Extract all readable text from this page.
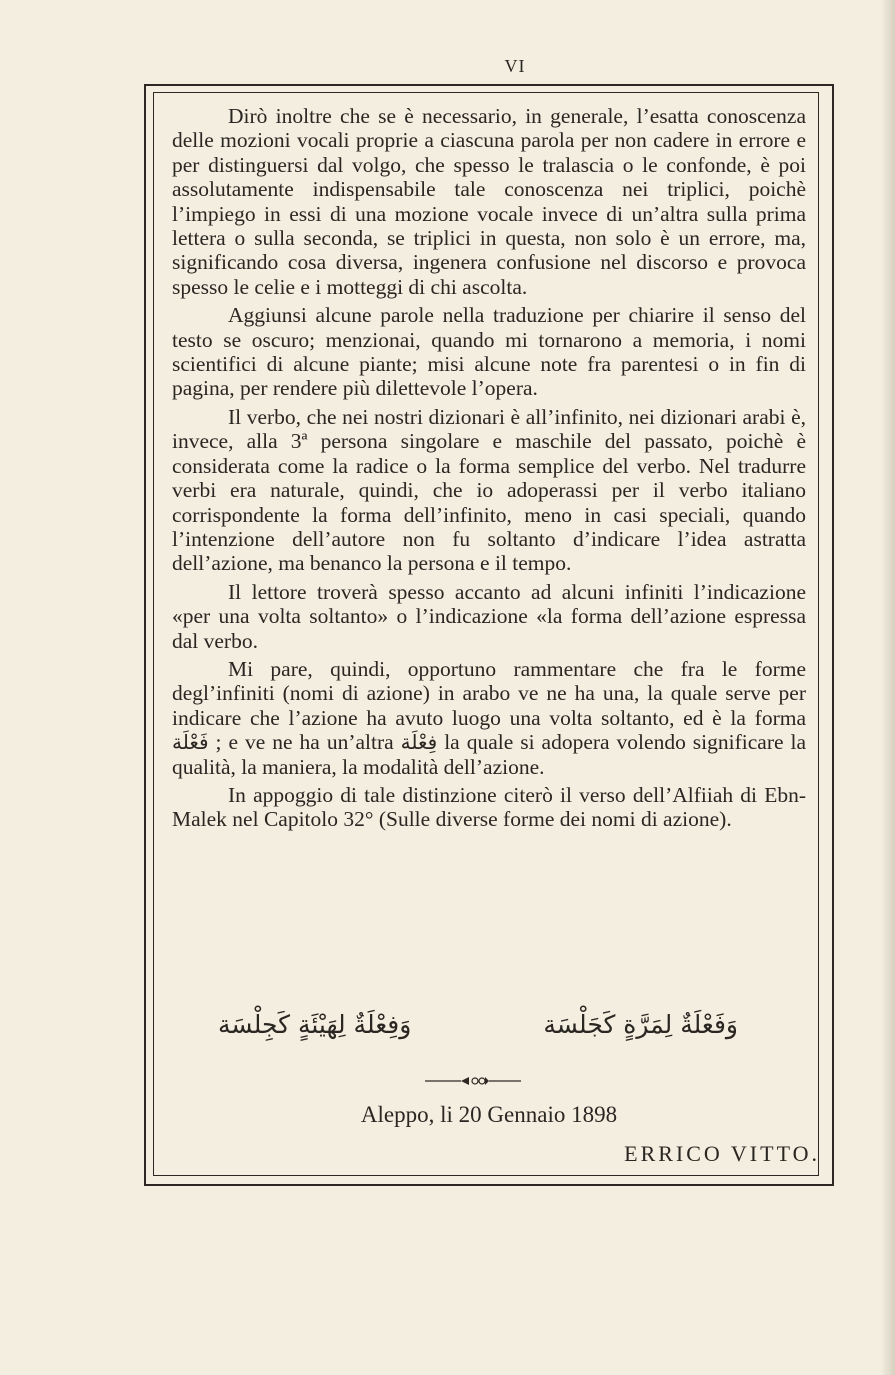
VI

Dirò inoltre che se è necessario, in generale, l’esatta conoscenza delle mozioni vocali proprie a ciascuna parola per non cadere in errore e per distinguersi dal volgo, che spesso le tralascia o le confonde, è poi assolutamente indispensabile tale conoscenza nei triplici, poichè l’impiego in essi di una mozione vocale invece di un’altra sulla prima lettera o sulla seconda, se triplici in questa, non solo è un errore, ma, significando cosa diversa, ingenera confusione nel discorso e provoca spesso le celie e i motteggi di chi ascolta.

Aggiunsi alcune parole nella traduzione per chiarire il senso del testo se oscuro; menzionai, quando mi tornarono a memoria, i nomi scientifici di alcune piante; misi alcune note fra parentesi o in fin di pagina, per rendere più dilettevole l’opera.

Il verbo, che nei nostri dizionari è all’infinito, nei dizionari arabi è, invece, alla 3ª persona singolare e maschile del passato, poichè è considerata come la radice o la forma semplice del verbo. Nel tradurre verbi era naturale, quindi, che io adoperassi per il verbo italiano corrispondente la forma dell’infinito, meno in casi speciali, quando l’intenzione dell’autore non fu soltanto d’indicare l’idea astratta dell’azione, ma benanco la persona e il tempo.

Il lettore troverà spesso accanto ad alcuni infiniti l’indicazione «per una volta soltanto» o l’indicazione «la forma dell’azione espressa dal verbo.

Mi pare, quindi, opportuno rammentare che fra le forme degl’infiniti (nomi di azione) in arabo ve ne ha una, la quale serve per indicare che l’azione ha avuto luogo una volta soltanto, ed è la forma فَعْلَة ; e ve ne ha un’altra فِعْلَة la quale si adopera volendo significare la qualità, la maniera, la modalità dell’azione.

In appoggio di tale distinzione citerò il verso dell’Alfiiah di Ebn-Malek nel Capitolo 32° (Sulle diverse forme dei nomi di azione).

وَفَعْلَةٌ لِمَرَّةٍ كَجَلْسَة
وَفِعْلَةٌ لِهَيْئَةٍ كَجِلْسَة
Aleppo, li 20 Gennaio 1898
ERRICO VITTO.
